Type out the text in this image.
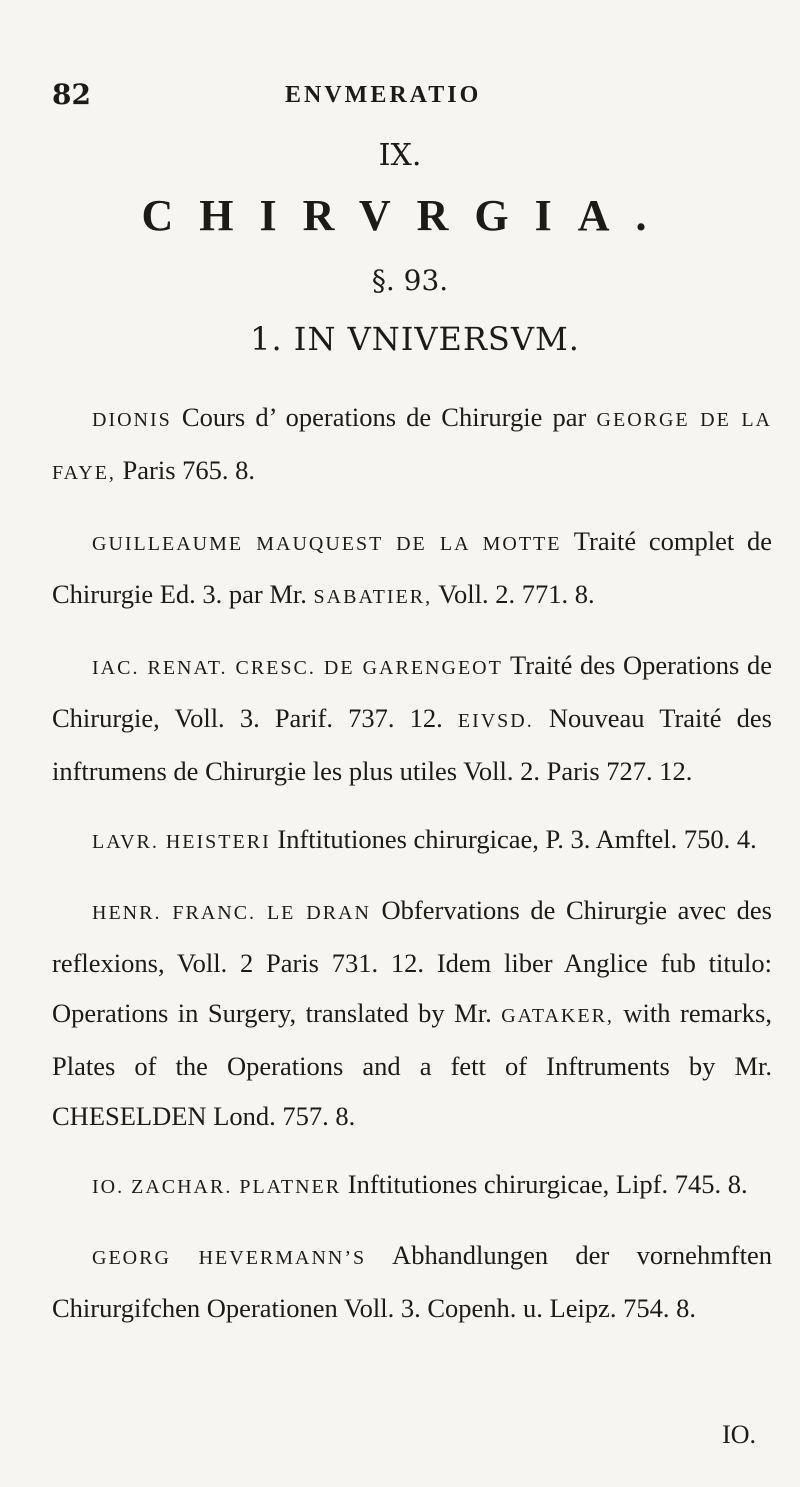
82	ENVMERATIO
IX.
CHIRVRGIA.
§. 93.
1. IN VNIVERSVM.

DIONIS Cours d’ operations de Chirurgie par GEORGE DE LA FAYE, Paris 765. 8.

GUILLEAUME MAUQUEST DE LA MOTTE Traité complet de Chirurgie Ed. 3. par Mr. SABATIER, Voll. 2. 771. 8.

IAC. RENAT. CRESC. DE GARENGEOT Traité des Operations de Chirurgie, Voll. 3. Parif. 737. 12. EIVSD. Nouveau Traité des inftrumens de Chirurgie les plus utiles Voll. 2. Paris 727. 12.

LAVR. HEISTERI Inftitutiones chirurgicae, P. 3. Amftel. 750. 4.

HENR. FRANC. LE DRAN Obfervations de Chirurgie avec des reflexions, Voll. 2 Paris 731. 12. Idem liber Anglice fub titulo: Operations in Surgery, translated by Mr. GATAKER, with remarks, Plates of the Operations and a fett of Inftruments by Mr. CHESELDEN Lond. 757. 8.

IO. ZACHAR. PLATNER Inftitutiones chirurgicae, Lipf. 745. 8.

GEORG HEVERMANN’S Abhandlungen der vornehmften Chirurgifchen Operationen Voll. 3. Copenh. u. Leipz. 754. 8.

IO.
